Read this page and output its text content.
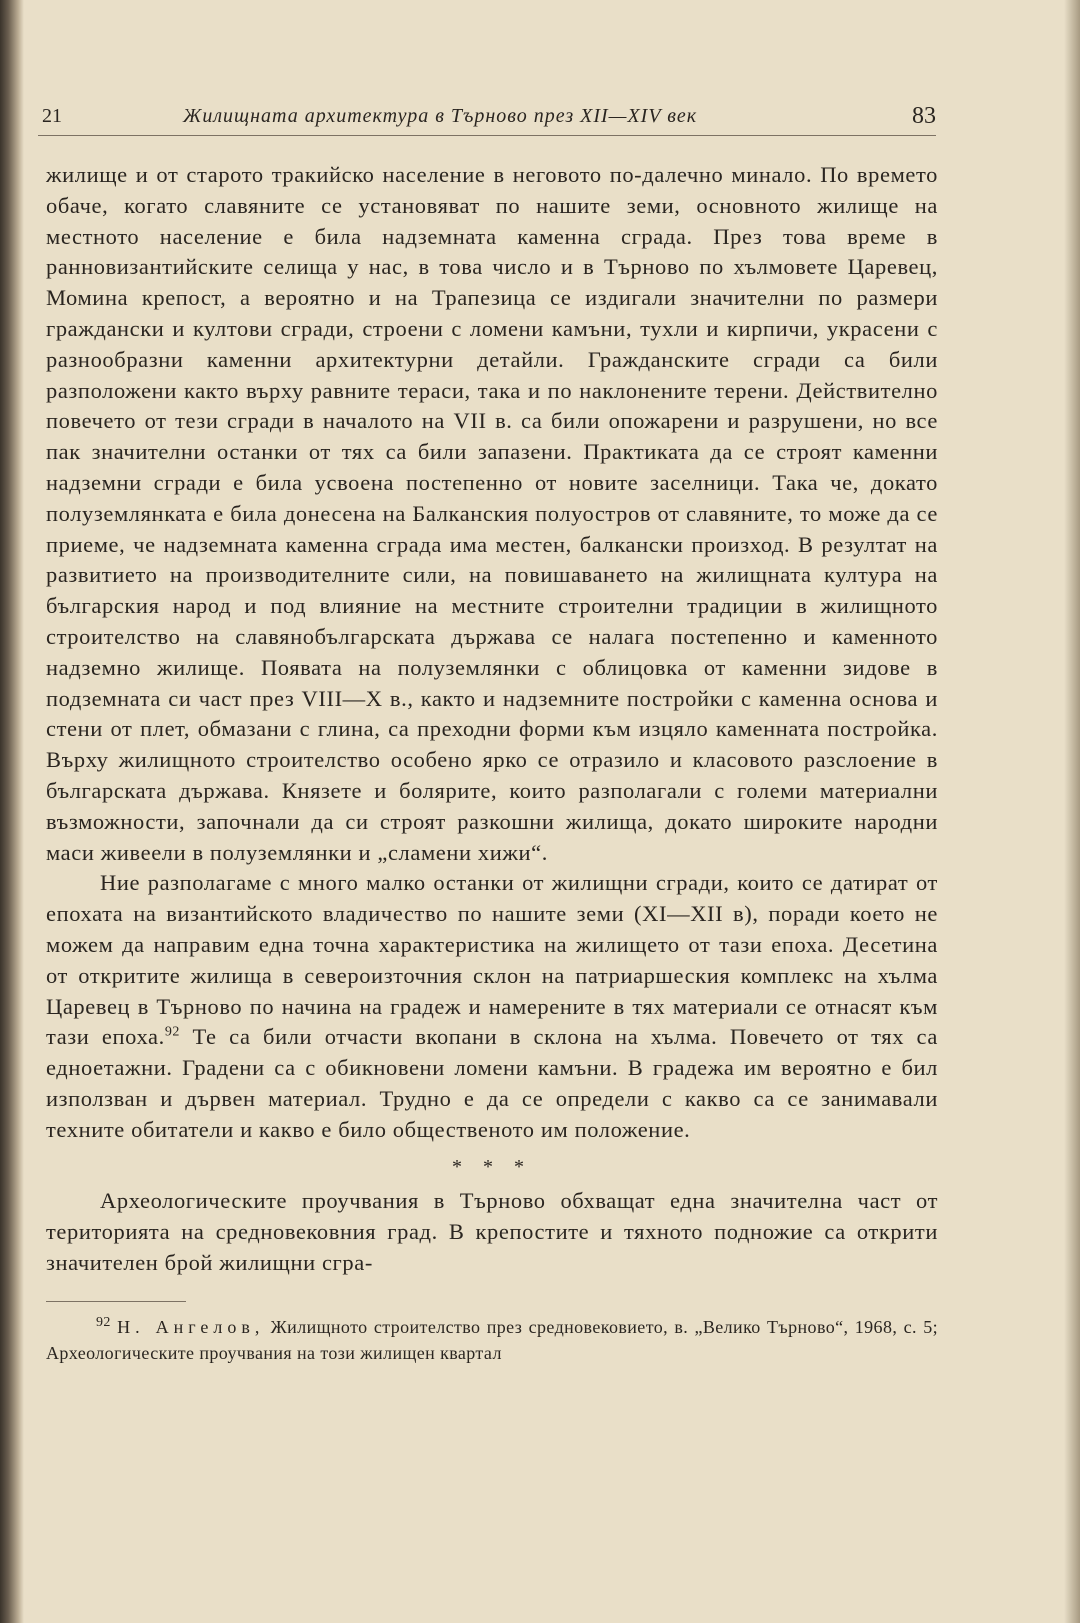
21	Жилищната архитектура в Търново през XII—XIV век	83

жилище и от старото тракийско население в неговото по-далечно минало. По времето обаче, когато славяните се установяват по нашите земи, основното жилище на местното население е била надземната каменна сграда. През това време в ранновизантийските селища у нас, в това число и в Търново по хълмовете Царевец, Момина крепост, а вероятно и на Трапезица се издигали значителни по размери граждански и култови сгради, строени с ломени камъни, тухли и кирпичи, украсени с разнообразни каменни архитектурни детайли. Гражданските сгради са били разположени както върху равните тераси, така и по наклонените терени. Действително повечето от тези сгради в началото на VII в. са били опожарени и разрушени, но все пак значителни останки от тях са били запазени. Практиката да се строят каменни надземни сгради е била усвоена постепенно от новите заселници. Така че, докато полуземлянката е била донесена на Балканския полуостров от славяните, то може да се приеме, че надземната каменна сграда има местен, балкански произход. В резултат на развитието на производителните сили, на повишаването на жилищната култура на българския народ и под влияние на местните строителни традиции в жилищното строителство на славянобългарската държава се налага постепенно и каменното надземно жилище. Появата на полуземлянки с облицовка от каменни зидове в подземната си част през VIII—X в., както и надземните постройки с каменна основа и стени от плет, обмазани с глина, са преходни форми към изцяло каменната постройка. Върху жилищното строителство особено ярко се отразило и класовото разслоение в българската държава. Князете и болярите, които разполагали с големи материални възможности, започнали да си строят разкошни жилища, докато широките народни маси живеели в полуземлянки и „сламени хижи“.

Ние разполагаме с много малко останки от жилищни сгради, които се датират от епохата на византийското владичество по нашите земи (XI—XII в), поради което не можем да направим една точна характеристика на жилището от тази епоха. Десетина от откритите жилища в североизточния склон на патриаршеския комплекс на хълма Царевец в Търново по начина на градеж и намерените в тях материали се отнасят към тази епоха.$^{92}$ Те са били отчасти вкопани в склона на хълма. Повечето от тях са едноетажни. Градени са с обикновени ломени камъни. В градежа им вероятно е бил използван и дървен материал. Трудно е да се определи с какво са се занимавали техните обитатели и какво е било общественото им положение.

* * *

Археологическите проучвания в Търново обхващат една значителна част от територията на средновековния град. В крепостите и тяхното подножие са открити значителен брой жилищни сгра-

$^{92}$ Н. Ангелов, Жилищното строителство през средновековието, в. „Велико Търново“, 1968, с. 5; Археологическите проучвания на този жилищен квартал
